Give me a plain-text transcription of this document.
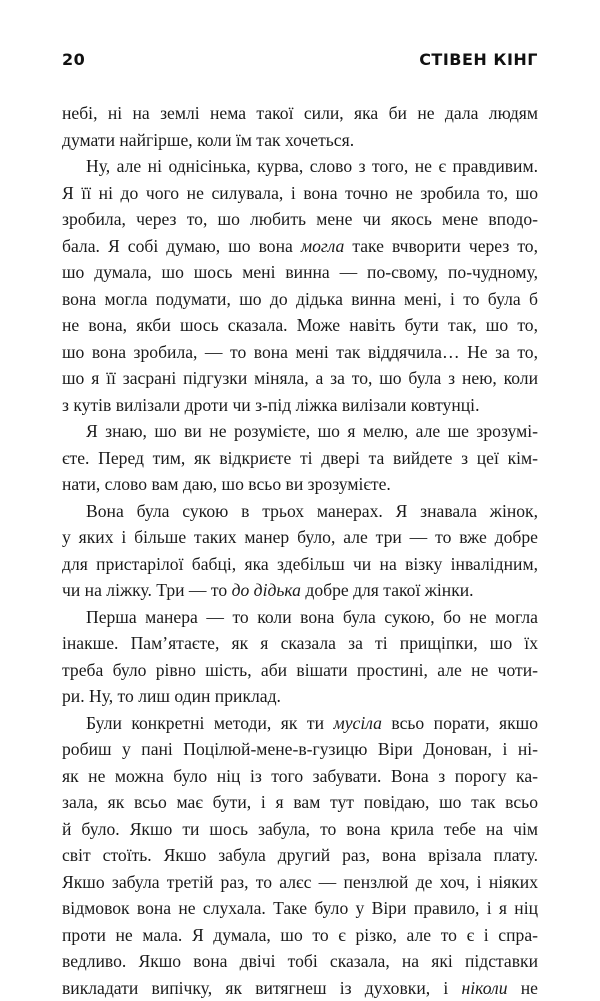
20	СТІВЕН КІНГ
небі, ні на землі нема такої сили, яка би не дала людям
думати найгірше, коли їм так хочеться.
Ну, але ні однісінька, курва, слово з того, не є правдивим.
Я її ні до чого не силувала, і вона точно не зробила то, шо
зробила, через то, шо любить мене чи якось мене вподо-
бала. Я собі думаю, шо вона могла таке вчворити через то,
шо думала, шо шось мені винна — по-свому, по-чудному,
вона могла подумати, шо до дідька винна мені, і то була б
не вона, якби шось сказала. Може навіть бути так, шо то,
шо вона зробила, — то вона мені так віддячила… Не за то,
шо я її засрані підгузки міняла, а за то, шо була з нею, коли
з кутів вилізали дроти чи з-під ліжка вилізали ковтунці.
Я знаю, шо ви не розумієте, шо я мелю, але ше зрозумі-
єте. Перед тим, як відкриєте ті двері та вийдете з цеї кім-
нати, слово вам даю, шо всьо ви зрозумієте.
Вона була сукою в трьох манерах. Я знавала жінок,
у яких і більше таких манер було, але три — то вже добре
для пристарілої бабці, яка здебільш чи на візку інвалідним,
чи на ліжку. Три — то до дідька добре для такої жінки.
Перша манера — то коли вона була сукою, бо не могла
інакше. Пам’ятаєте, як я сказала за ті прищіпки, шо їх
треба було рівно шість, аби вішати простині, але не чоти-
ри. Ну, то лиш один приклад.
Були конкретні методи, як ти мусіла всьо порати, якшо
робиш у пані Поцілюй-мене-в-гузицю Віри Донован, і ні-
як не можна було ніц із того забувати. Вона з порогу ка-
зала, як всьо має бути, і я вам тут повідаю, шо так всьо
й було. Якшо ти шось забула, то вона крила тебе на чім
світ стоїть. Якшо забула другий раз, вона врізала плату.
Якшо забула третій раз, то алєс — пензлюй де хоч, і ніяких
відмовок вона не слухала. Таке було у Віри правило, і я ніц
проти не мала. Я думала, шо то є різко, але то є і спра-
ведливо. Якшо вона двічі тобі сказала, на які підставки
викладати випічку, як витягнеш із духовки, і ніколи не
